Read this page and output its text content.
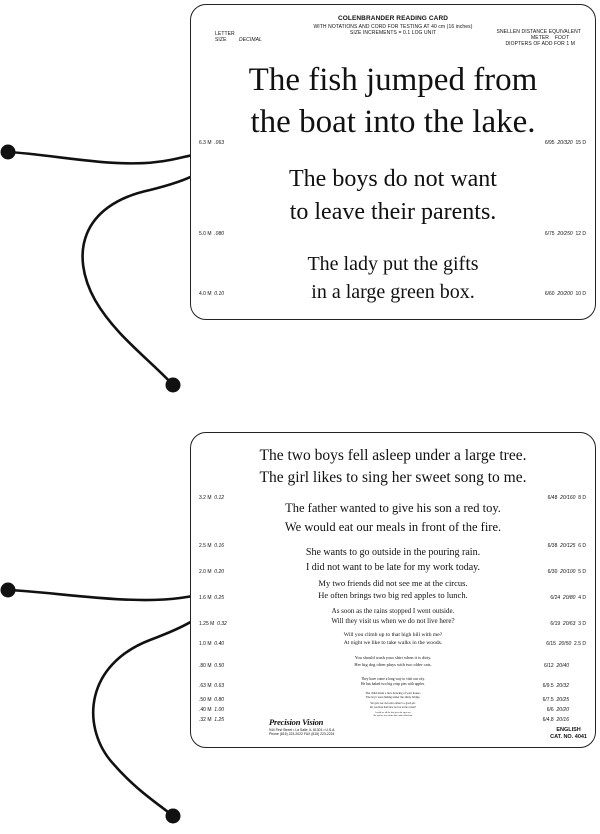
COLENBRANDER READING CARD
WITH NOTATIONS AND CORD FOR TESTING AT 40 cm (16 inches)
SIZE INCREMENTS = 0.1 LOG UNIT
LETTER
SIZE DECIMAL
SNELLEN DISTANCE EQUIVALENT
METER FOOT
DIOPTERS OF ADD FOR 1 M
The fish jumped from
the boat into the lake.
6.3 M .063	6/95 20/320 15 D
The boys do not want
to leave their parents.
5.0 M .080	6/75 20/250 12 D
The lady put the gifts
in a large green box.
4.0 M 0.10	6/60 20/200 10 D
The two boys fell asleep under a large tree.
The girl likes to sing her sweet song to me.
3.2 M 0.12	6/48 20/160 8 D
The father wanted to give his son a red toy.
We would eat our meals in front of the fire.
2.5 M 0.16	6/38 20/125 6 D
She wants to go outside in the pouring rain.
I did not want to be late for my work today.
2.0 M 0.20	6/30 20/100 5 D
My two friends did not see me at the circus.
He often brings two big red apples to lunch.
1.6 M 0.25	6/24 20/80 4 D
As soon as the rains stopped I went outside.
Will they visit us when we do not live here?
1.25 M 0.32	6/19 20/63 3 D
Will you climb up to that high hill with me?
At night we like to take walks in the woods.
1.0 M 0.40	6/15 20/50 2.5 D
You should wash your shirt when it is dirty.
Her big dog often plays with two older cats.
.80 M 0.50	6/12 20/40
They have come a long way to visit our city.
He has baked two big crisp pies with apples.
.63 M 0.63	6/9.5 20/32
The child made a nice drawing of your house.
The boys were hiding under the shiny bridge.
.50 M 0.80	6/7.5 20/25
We gave our own extra ticket to a good pal.
Do you have their new red car at the corner?
.40 M 1.00	6/6 20/20
I could see all the fish go to the open sea.
She got her new white shoes and a black hat.
.32 M 1.25	6/4.8 20/16
Precision Vision
944 First Street • La Salle, IL 61301 • U.S.A.
Phone (815) 223-2022 FAX (815) 223-2224
ENGLISH
CAT. NO. 4041
